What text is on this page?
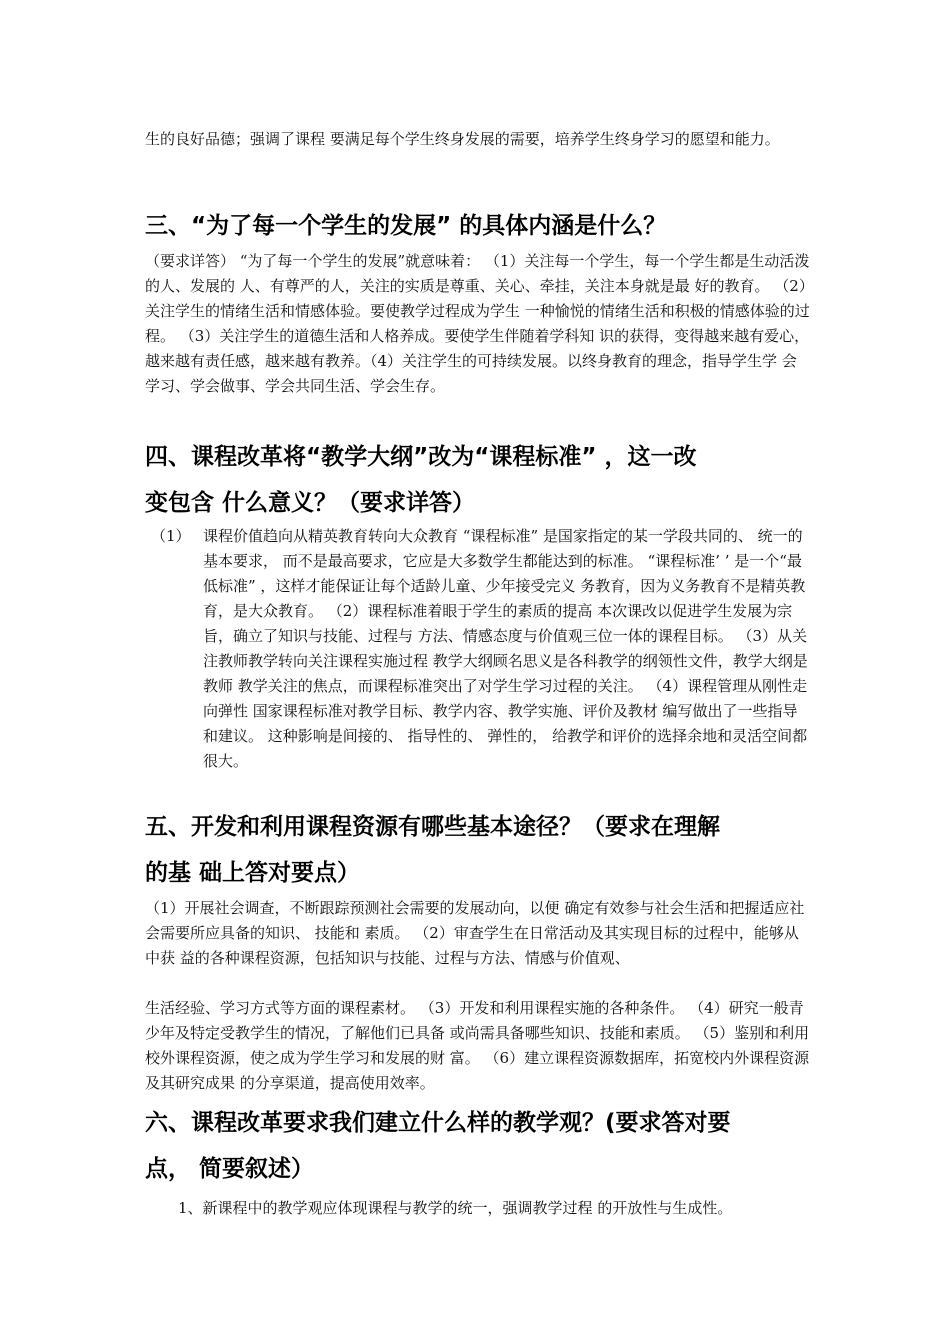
生的良好品德；强调了课程 要满足每个学生终身发展的需要，培养学生终身学习的愿望和能力。

三、“为了每一个学生的发展” 的具体内涵是什么？

（要求详答） “为了每一个学生的发展”就意味着： （1）关注每一个学生，每一个学生都是生动活泼的人、发展的 人、有尊严的人，关注的实质是尊重、关心、牵挂，关注本身就是最 好的教育。 （2）关注学生的情绪生活和情感体验。要使教学过程成为学生 一种愉悦的情绪生活和积极的情感体验的过程。 （3）关注学生的道德生活和人格养成。要使学生伴随着学科知 识的获得，变得越来越有爱心，越来越有责任感，越来越有教养。（4）关注学生的可持续发展。以终身教育的理念，指导学生学 会学习、学会做事、学会共同生活、学会生存。

四、课程改革将“教学大纲”改为“课程标准” ，这一改
变包含 什么意义？（要求详答）
（1） 课程价值趋向从精英教育转向大众教育 “课程标准” 是国家指定的某一学段共同的、 统一的基本要求， 而不是最高要求，它应是大多数学生都能达到的标准。 “课程标准’ ’ 是一个“最低标准” ，这样才能保证让每个适龄儿童、少年接受完义 务教育，因为义务教育不是精英教育，是大众教育。 （2）课程标准着眼于学生的素质的提高 本次课改以促进学生发展为宗旨，确立了知识与技能、过程与 方法、情感态度与价值观三位一体的课程目标。 （3）从关注教师教学转向关注课程实施过程 教学大纲顾名思义是各科教学的纲领性文件，教学大纲是教师 教学关注的焦点，而课程标准突出了对学生学习过程的关注。 （4）课程管理从刚性走向弹性 国家课程标准对教学目标、教学内容、教学实施、评价及教材 编写做出了一些指导和建议。 这种影响是间接的、 指导性的、 弹性的， 给教学和评价的选择余地和灵活空间都很大。
五、开发和利用课程资源有哪些基本途径？（要求在理解
的基 础上答对要点）

（1）开展社会调查，不断跟踪预测社会需要的发展动向，以便 确定有效参与社会生活和把握适应社会需要所应具备的知识、 技能和 素质。 （2）审查学生在日常活动及其实现目标的过程中，能够从中获 益的各种课程资源，包括知识与技能、过程与方法、情感与价值观、

生活经验、学习方式等方面的课程素材。 （3）开发和利用课程实施的各种条件。 （4）研究一般青少年及特定受教学生的情况，了解他们已具备 或尚需具备哪些知识、技能和素质。 （5）鉴别和利用校外课程资源，使之成为学生学习和发展的财 富。 （6）建立课程资源数据库，拓宽校内外课程资源及其研究成果 的分享渠道，提高使用效率。

六、课程改革要求我们建立什么样的教学观？(要求答对要
点， 简要叙述）

1、新课程中的教学观应体现课程与教学的统一，强调教学过程 的开放性与生成性。
